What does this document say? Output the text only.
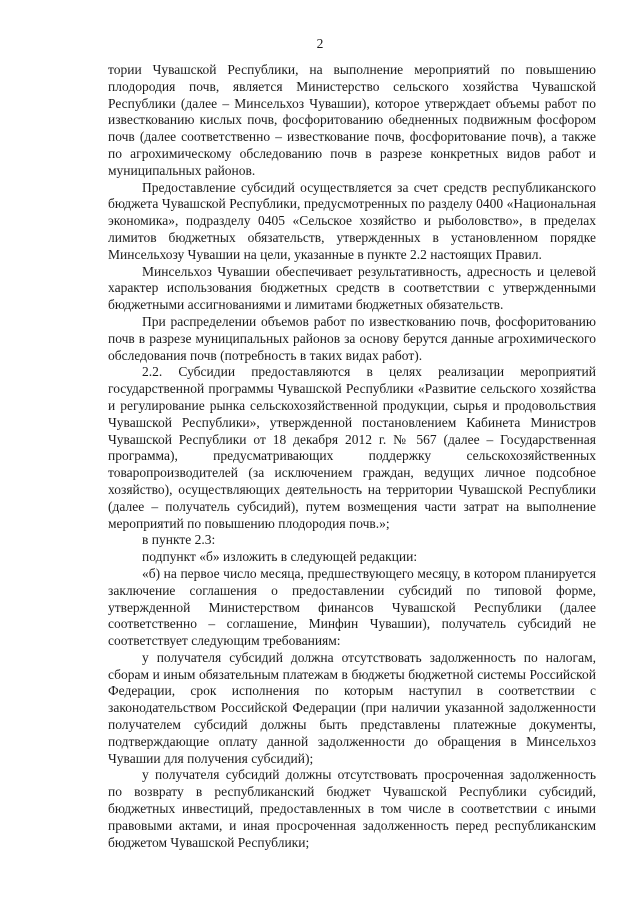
2

тории Чувашской Республики, на выполнение мероприятий по повышению плодородия почв, является Министерство сельского хозяйства Чувашской Республики (далее – Минсельхоз Чувашии), которое утверждает объемы работ по известкованию кислых почв, фосфоритованию обедненных подвижным фосфором почв (далее соответственно – известкование почв, фосфоритование почв), а также по агрохимическому обследованию почв в разрезе конкретных видов работ и муниципальных районов.

Предоставление субсидий осуществляется за счет средств республиканского бюджета Чувашской Республики, предусмотренных по разделу 0400 «Национальная экономика», подразделу 0405 «Сельское хозяйство и рыболовство», в пределах лимитов бюджетных обязательств, утвержденных в установленном порядке Минсельхозу Чувашии на цели, указанные в пункте 2.2 настоящих Правил.

Минсельхоз Чувашии обеспечивает результативность, адресность и целевой характер использования бюджетных средств в соответствии с утвержденными бюджетными ассигнованиями и лимитами бюджетных обязательств.

При распределении объемов работ по известкованию почв, фосфоритованию почв в разрезе муниципальных районов за основу берутся данные агрохимического обследования почв (потребность в таких видах работ).

2.2. Субсидии предоставляются в целях реализации мероприятий государственной программы Чувашской Республики «Развитие сельского хозяйства и регулирование рынка сельскохозяйственной продукции, сырья и продовольствия Чувашской Республики», утвержденной постановлением Кабинета Министров Чувашской Республики от 18 декабря 2012 г. № 567 (далее – Государственная программа), предусматривающих поддержку сельскохозяйственных товаропроизводителей (за исключением граждан, ведущих личное подсобное хозяйство), осуществляющих деятельность на территории Чувашской Республики (далее – получатель субсидий), путем возмещения части затрат на выполнение мероприятий по повышению плодородия почв.»;

в пункте 2.3:

подпункт «б» изложить в следующей редакции:

«б) на первое число месяца, предшествующего месяцу, в котором планируется заключение соглашения о предоставлении субсидий по типовой форме, утвержденной Министерством финансов Чувашской Республики (далее соответственно – соглашение, Минфин Чувашии), получатель субсидий не соответствует следующим требованиям:

у получателя субсидий должна отсутствовать задолженность по налогам, сборам и иным обязательным платежам в бюджеты бюджетной системы Российской Федерации, срок исполнения по которым наступил в соответствии с законодательством Российской Федерации (при наличии указанной задолженности получателем субсидий должны быть представлены платежные документы, подтверждающие оплату данной задолженности до обращения в Минсельхоз Чувашии для получения субсидий);

у получателя субсидий должны отсутствовать просроченная задолженность по возврату в республиканский бюджет Чувашской Республики субсидий, бюджетных инвестиций, предоставленных в том числе в соответствии с иными правовыми актами, и иная просроченная задолженность перед республиканским бюджетом Чувашской Республики;
